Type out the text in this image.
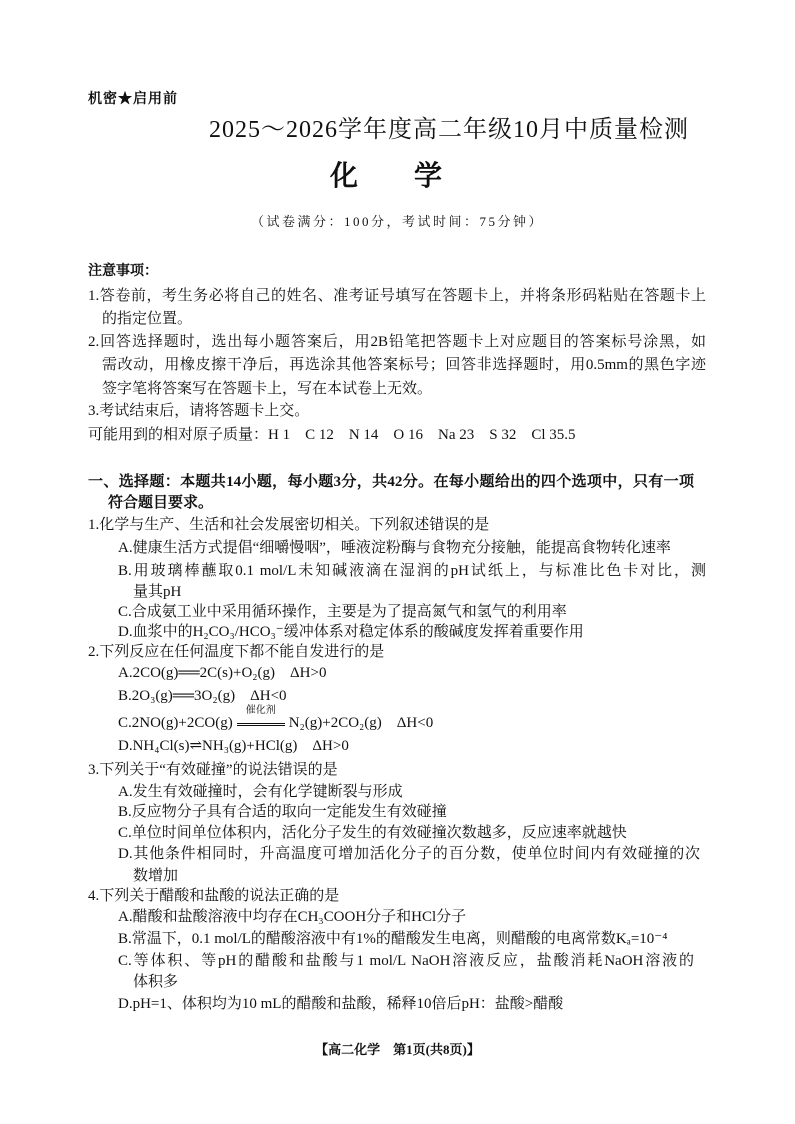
机密★启用前
2025～2026学年度高二年级10月中质量检测
化　　学
（试卷满分：100分，考试时间：75分钟）
注意事项：
1.答卷前，考生务必将自己的姓名、准考证号填写在答题卡上，并将条形码粘贴在答题卡上
的指定位置。
2.回答选择题时，选出每小题答案后，用2B铅笔把答题卡上对应题目的答案标号涂黑，如
需改动，用橡皮擦干净后，再选涂其他答案标号；回答非选择题时，用0.5mm的黑色字迹
签字笔将答案写在答题卡上，写在本试卷上无效。
3.考试结束后，请将答题卡上交。
可能用到的相对原子质量：H 1　C 12　N 14　O 16　Na 23　S 32　Cl 35.5
一、选择题：本题共14小题，每小题3分，共42分。在每小题给出的四个选项中，只有一项
符合题目要求。
1.化学与生产、生活和社会发展密切相关。下列叙述错误的是
A.健康生活方式提倡“细嚼慢咽”，唾液淀粉酶与食物充分接触，能提高食物转化速率
B.用玻璃棒蘸取0.1 mol/L未知碱液滴在湿润的pH试纸上，与标准比色卡对比，测
量其pH
C.合成氨工业中采用循环操作，主要是为了提高氮气和氢气的利用率
D.血浆中的H₂CO₃/HCO₃⁻缓冲体系对稳定体系的酸碱度发挥着重要作用
2.下列反应在任何温度下都不能自发进行的是
A.2CO(g)══2C(s)+O₂(g)　ΔH>0
B.2O₃(g)══3O₂(g)　ΔH<0
C.2NO(g)+2CO(g)
催化剂
N₂(g)+2CO₂(g)　ΔH<0
D.NH₄Cl(s)⇌NH₃(g)+HCl(g)　ΔH>0
3.下列关于“有效碰撞”的说法错误的是
A.发生有效碰撞时，会有化学键断裂与形成
B.反应物分子具有合适的取向一定能发生有效碰撞
C.单位时间单位体积内，活化分子发生的有效碰撞次数越多，反应速率就越快
D.其他条件相同时，升高温度可增加活化分子的百分数，使单位时间内有效碰撞的次
数增加
4.下列关于醋酸和盐酸的说法正确的是
A.醋酸和盐酸溶液中均存在CH₃COOH分子和HCl分子
B.常温下，0.1 mol/L的醋酸溶液中有1%的醋酸发生电离，则醋酸的电离常数Kₐ=10⁻⁴
C.等体积、等pH的醋酸和盐酸与1 mol/L NaOH溶液反应，盐酸消耗NaOH溶液的
体积多
D.pH=1、体积均为10 mL的醋酸和盐酸，稀释10倍后pH：盐酸>醋酸
【高二化学　第1页(共8页)】
